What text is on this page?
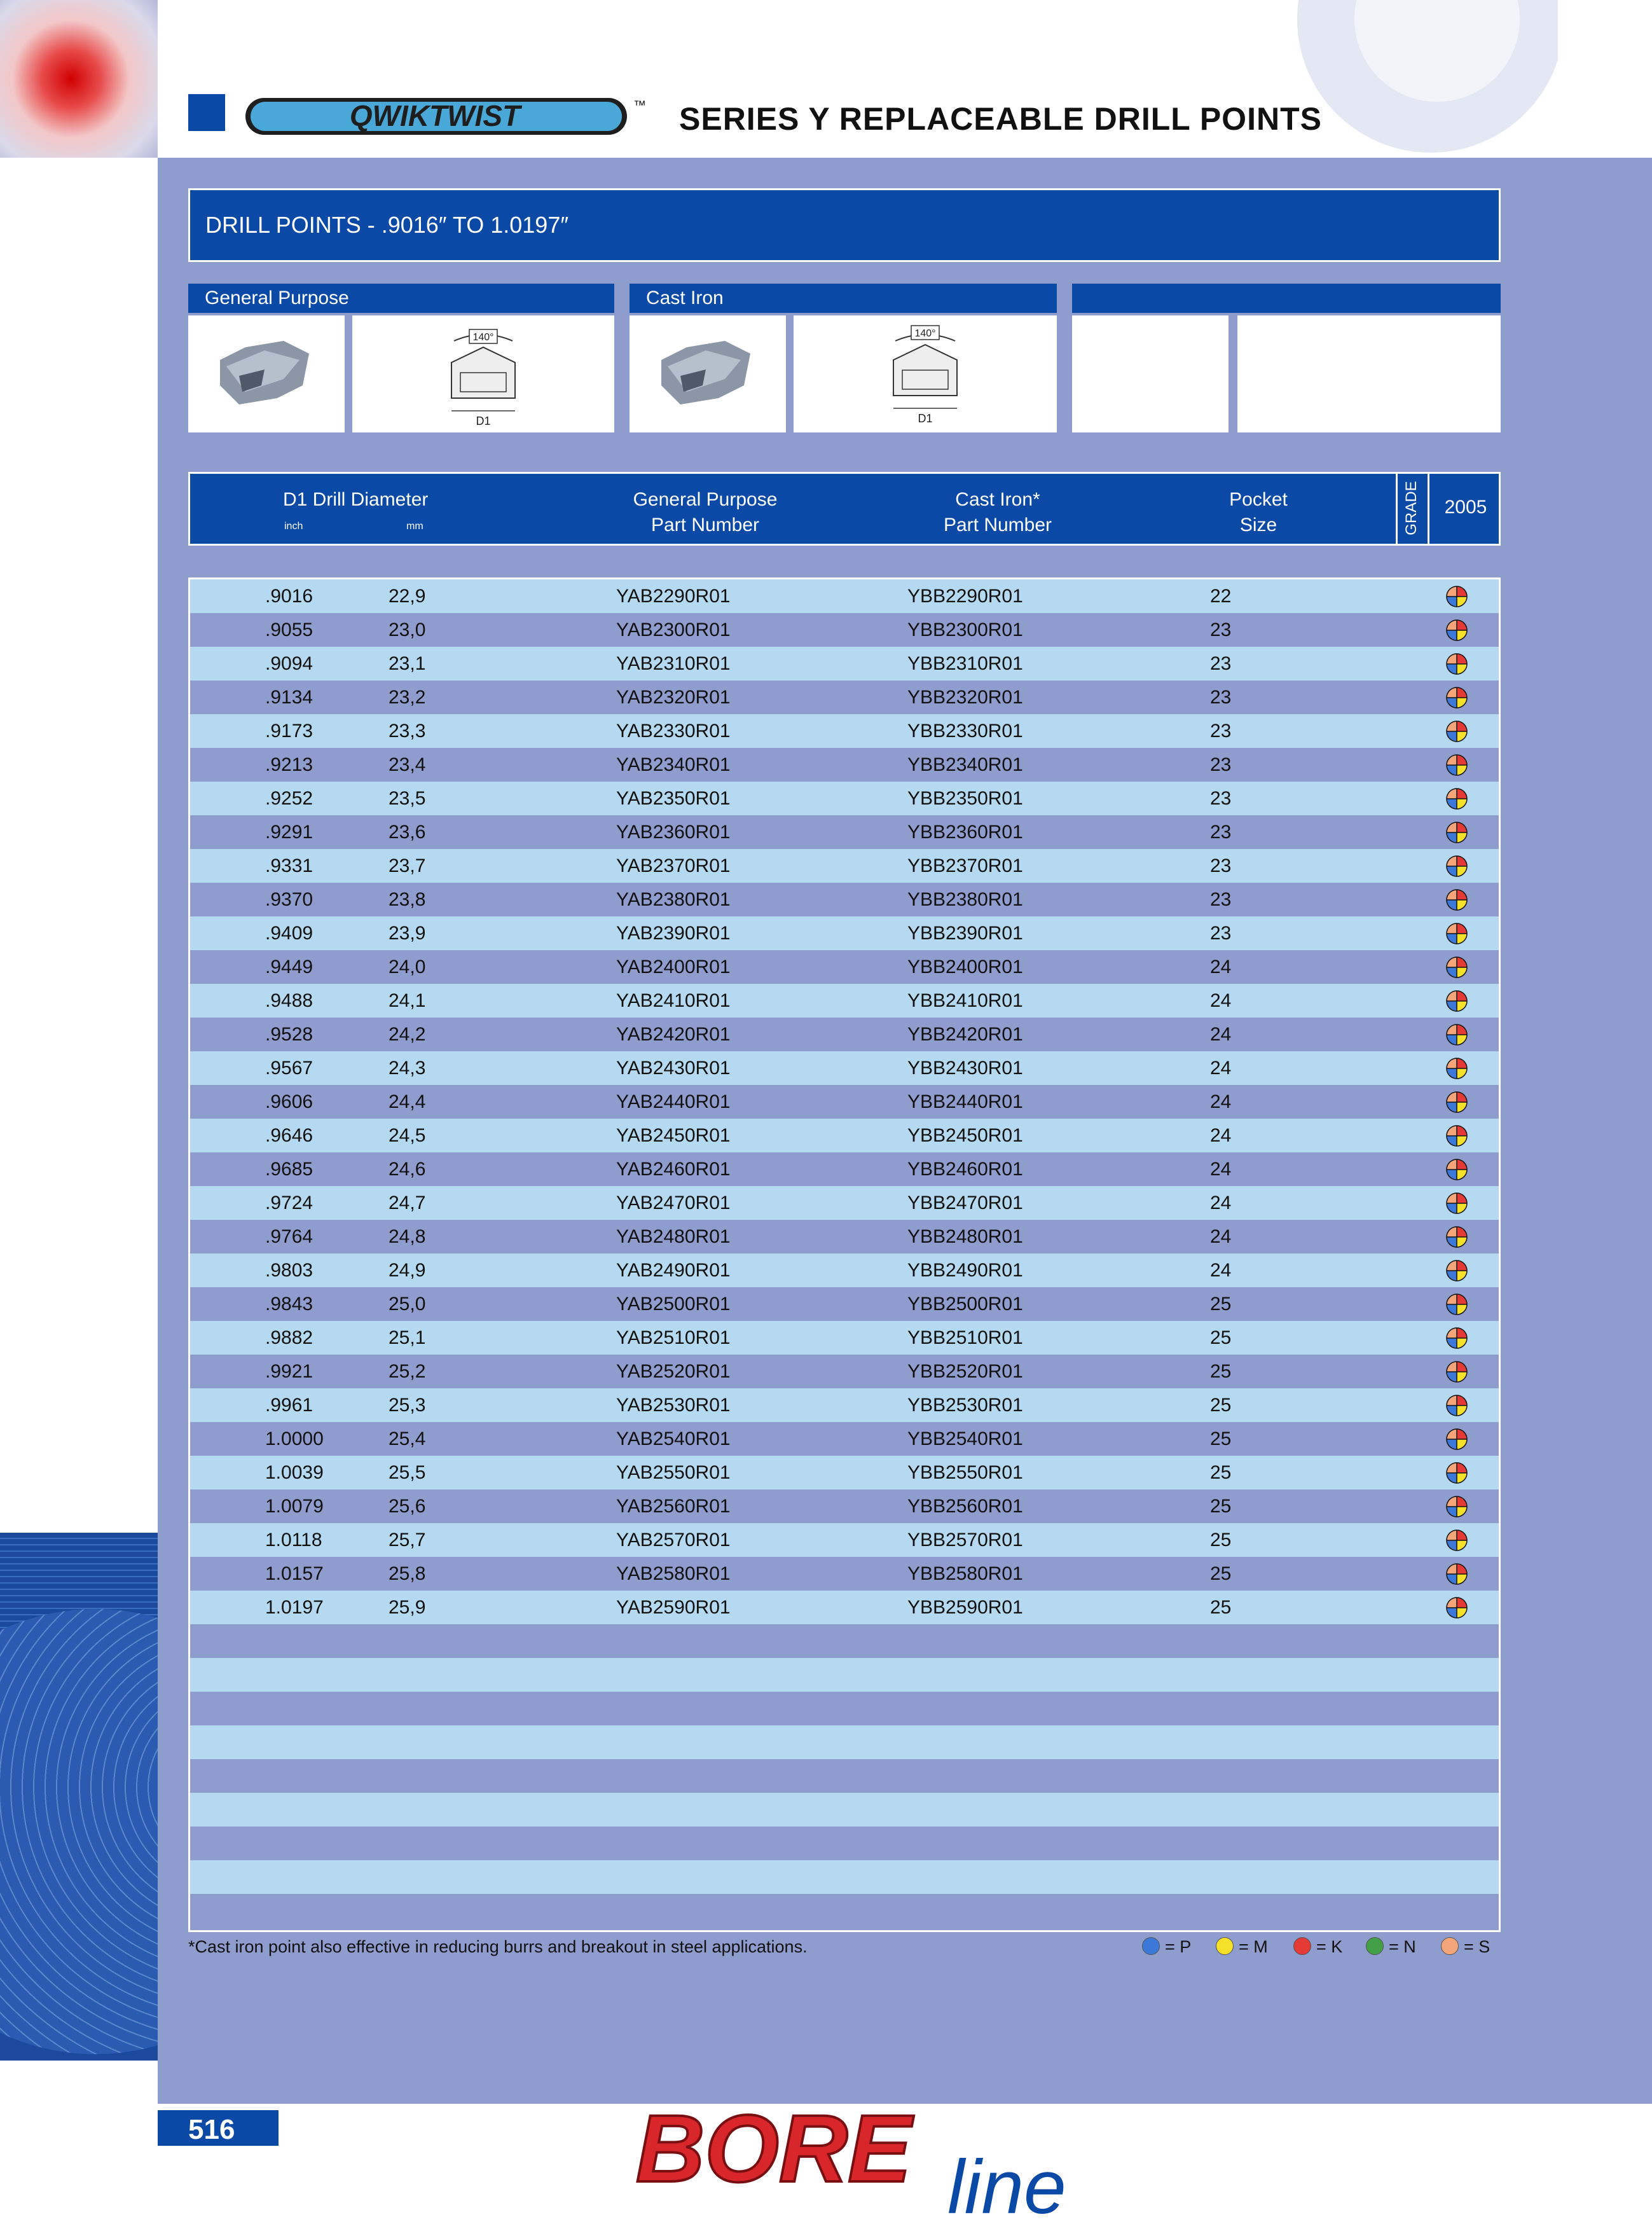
QWIKTWIST	™ SERIES Y REPLACEABLE DRILL POINTS
DRILL POINTS - .9016″ TO 1.0197″
General Purpose	Cast Iron
140°
D1
140°
D1
D1 Drill Diameter
inch	mm
General Purpose
Part Number
Cast Iron*
Part Number
Pocket
Size	GRADE	2005
.9016	22,9	YAB2290R01	YBB2290R01	22
.9055	23,0	YAB2300R01	YBB2300R01	23
.9094	23,1	YAB2310R01	YBB2310R01	23
.9134	23,2	YAB2320R01	YBB2320R01	23
.9173	23,3	YAB2330R01	YBB2330R01	23
.9213	23,4	YAB2340R01	YBB2340R01	23
.9252	23,5	YAB2350R01	YBB2350R01	23
.9291	23,6	YAB2360R01	YBB2360R01	23
.9331	23,7	YAB2370R01	YBB2370R01	23
.9370	23,8	YAB2380R01	YBB2380R01	23
.9409	23,9	YAB2390R01	YBB2390R01	23
.9449	24,0	YAB2400R01	YBB2400R01	24
.9488	24,1	YAB2410R01	YBB2410R01	24
.9528	24,2	YAB2420R01	YBB2420R01	24
.9567	24,3	YAB2430R01	YBB2430R01	24
.9606	24,4	YAB2440R01	YBB2440R01	24
.9646	24,5	YAB2450R01	YBB2450R01	24
.9685	24,6	YAB2460R01	YBB2460R01	24
.9724	24,7	YAB2470R01	YBB2470R01	24
.9764	24,8	YAB2480R01	YBB2480R01	24
.9803	24,9	YAB2490R01	YBB2490R01	24
.9843	25,0	YAB2500R01	YBB2500R01	25
.9882	25,1	YAB2510R01	YBB2510R01	25
.9921	25,2	YAB2520R01	YBB2520R01	25
.9961	25,3	YAB2530R01	YBB2530R01	25
1.0000	25,4	YAB2540R01	YBB2540R01	25
1.0039	25,5	YAB2550R01	YBB2550R01	25
1.0079	25,6	YAB2560R01	YBB2560R01	25
1.0118	25,7	YAB2570R01	YBB2570R01	25
1.0157	25,8	YAB2580R01	YBB2580R01	25
1.0197	25,9	YAB2590R01	YBB2590R01	25
*Cast iron point also effective in reducing burrs and breakout in steel applications.	= P	= M	= K	= N	= S
516	BORE line
